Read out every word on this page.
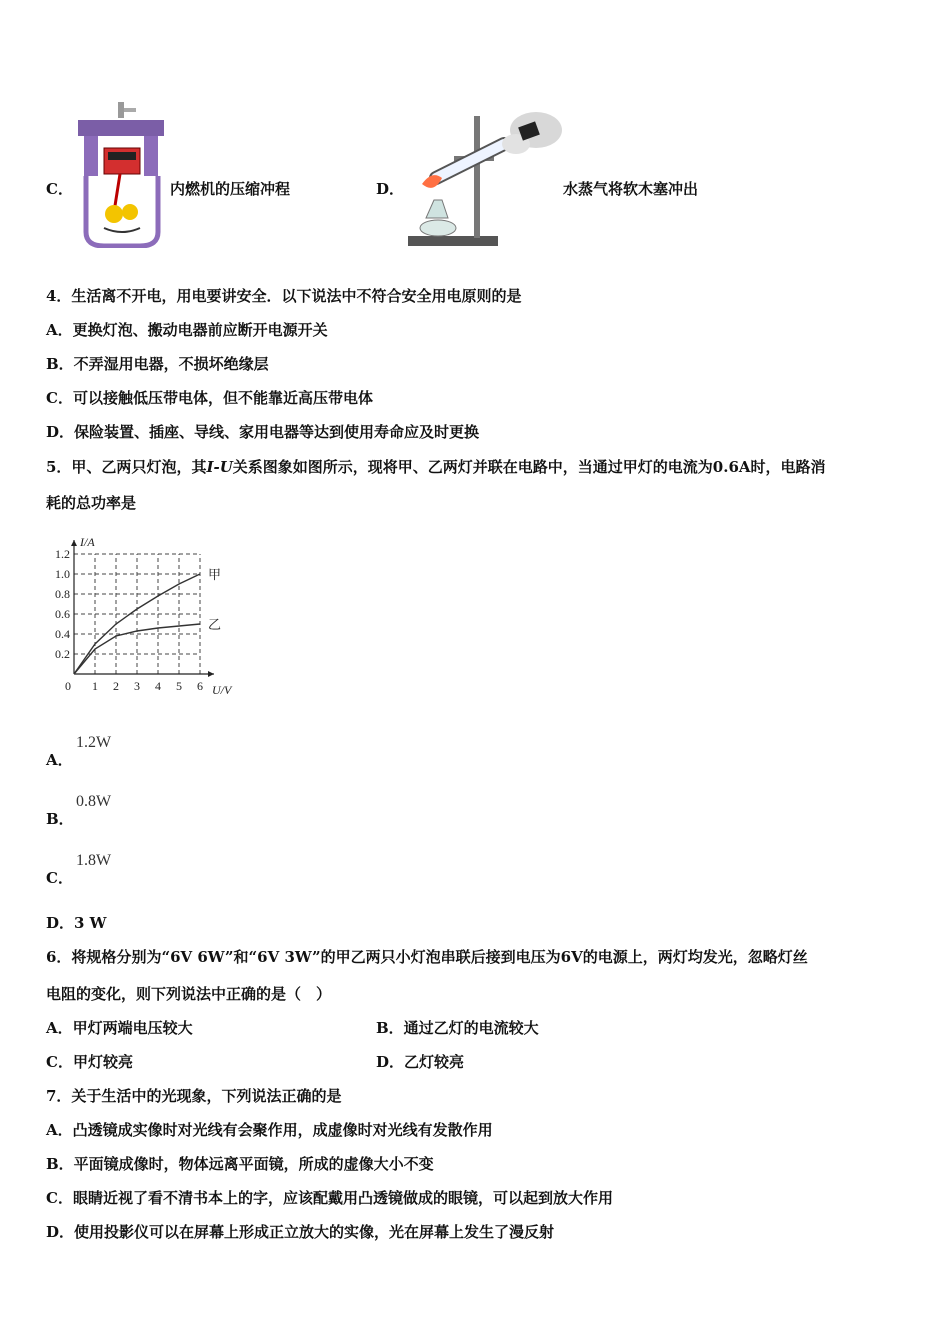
C．	内燃机的压缩冲程	D．	水蒸气将软木塞冲出
4．生活离不开电，用电要讲安全．以下说法中不符合安全用电原则的是
A．更换灯泡、搬动电器前应断开电源开关
B．不弄湿用电器，不损坏绝缘层
C．可以接触低压带电体，但不能靠近高压带电体
D．保险装置、插座、导线、家用电器等达到使用寿命应及时更换
5．甲、乙两只灯泡，其I-U关系图象如图所示，现将甲、乙两灯并联在电路中，当通过甲灯的电流为0.6A时，电路消
耗的总功率是
0 1 2 3 4 5 6
0.2
0.4
0.6
0.8
1.0
1.2
U/V
I/A
甲
乙
A．
1.2W
B．
0.8W
C．
1.8W
D．3 W
6．将规格分别为“6V 6W”和“6V 3W”的甲乙两只小灯泡串联后接到电压为6V的电源上，两灯均发光，忽略灯丝
电阻的变化，则下列说法中正确的是（　）
A．甲灯两端电压较大	B．通过乙灯的电流较大
C．甲灯较亮	D．乙灯较亮
7．关于生活中的光现象，下列说法正确的是
A．凸透镜成实像时对光线有会聚作用，成虚像时对光线有发散作用
B．平面镜成像时，物体远离平面镜，所成的虚像大小不变
C．眼睛近视了看不清书本上的字，应该配戴用凸透镜做成的眼镜，可以起到放大作用
D．使用投影仪可以在屏幕上形成正立放大的实像，光在屏幕上发生了漫反射
